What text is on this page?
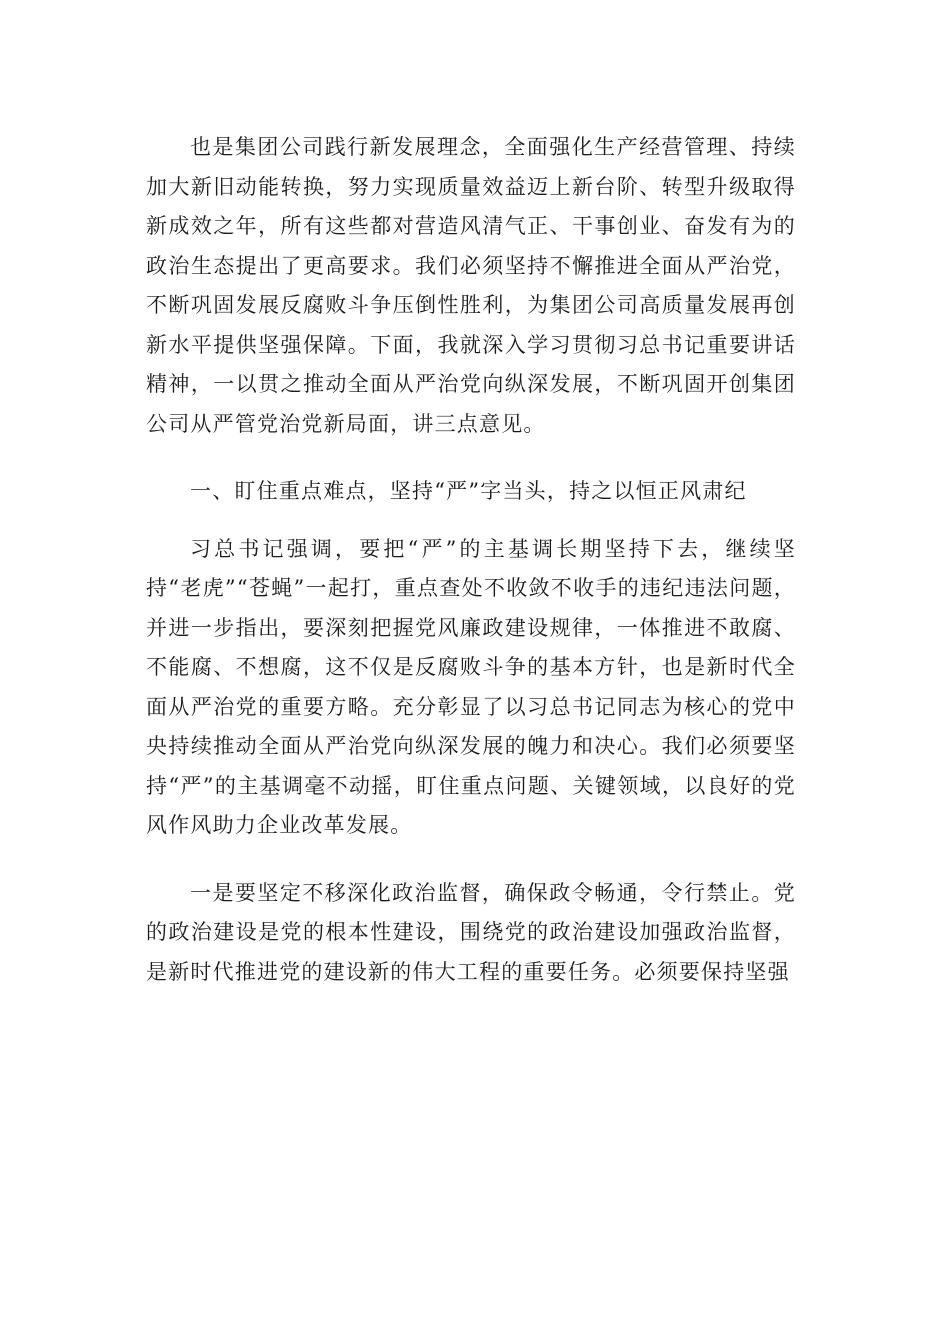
也是集团公司践行新发展理念，全面强化生产经营管理、持续加大新旧动能转换，努力实现质量效益迈上新台阶、转型升级取得新成效之年，所有这些都对营造风清气正、干事创业、奋发有为的政治生态提出了更高要求。我们必须坚持不懈推进全面从严治党，不断巩固发展反腐败斗争压倒性胜利，为集团公司高质量发展再创新水平提供坚强保障。下面，我就深入学习贯彻习总书记重要讲话精神，一以贯之推动全面从严治党向纵深发展，不断巩固开创集团公司从严管党治党新局面，讲三点意见。

一、盯住重点难点，坚持“严”字当头，持之以恒正风肃纪

习总书记强调，要把“严”的主基调长期坚持下去，继续坚持“老虎”“苍蝇”一起打，重点查处不收敛不收手的违纪违法问题，并进一步指出，要深刻把握党风廉政建设规律，一体推进不敢腐、不能腐、不想腐，这不仅是反腐败斗争的基本方针，也是新时代全面从严治党的重要方略。充分彰显了以习总书记同志为核心的党中央持续推动全面从严治党向纵深发展的魄力和决心。我们必须要坚持“严”的主基调毫不动摇，盯住重点问题、关键领域，以良好的党风作风助力企业改革发展。

一是要坚定不移深化政治监督，确保政令畅通，令行禁止。党的政治建设是党的根本性建设，围绕党的政治建设加强政治监督，是新时代推进党的建设新的伟大工程的重要任务。必须要保持坚强
